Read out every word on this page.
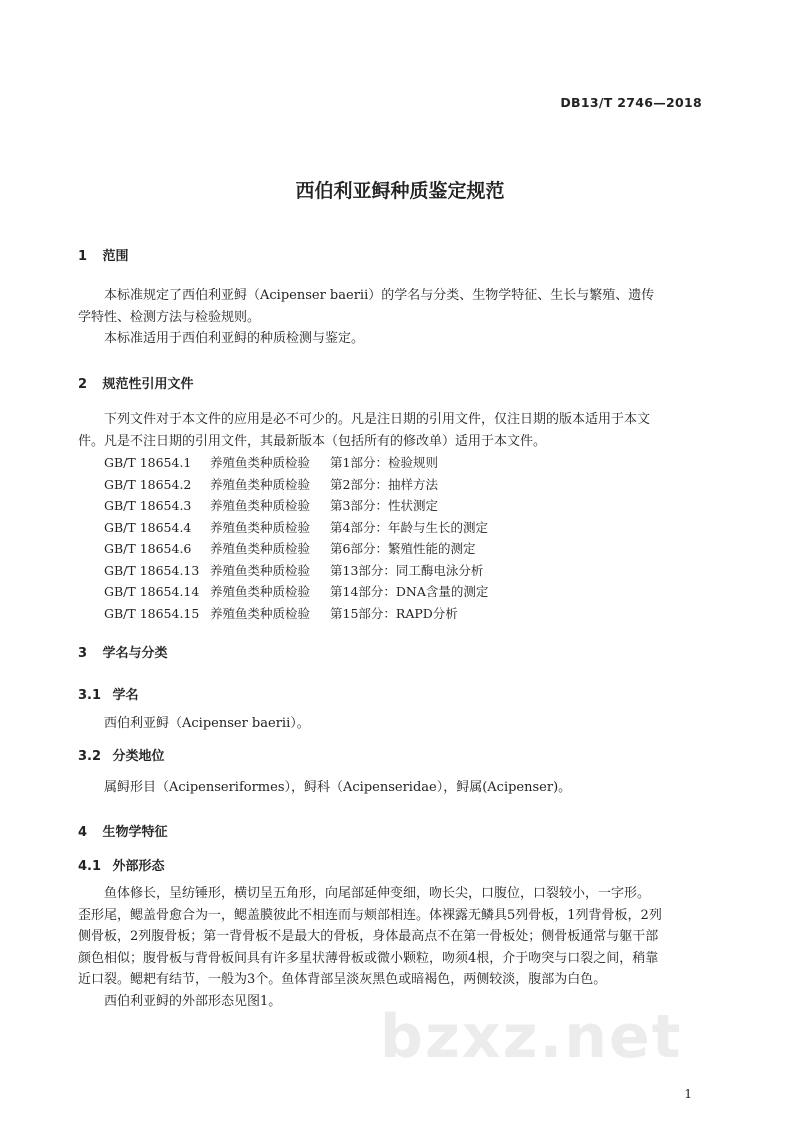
DB13/T 2746—2018
西伯利亚鲟种质鉴定规范
1 范围
本标准规定了西伯利亚鲟（Acipenser baerii）的学名与分类、生物学特征、生长与繁殖、遗传
学特性、检测方法与检验规则。
本标准适用于西伯利亚鲟的种质检测与鉴定。
2 规范性引用文件
下列文件对于本文件的应用是必不可少的。凡是注日期的引用文件，仅注日期的版本适用于本文
件。凡是不注日期的引用文件，其最新版本（包括所有的修改单）适用于本文件。
GB/T 18654.1	养殖鱼类种质检验	第1部分：检验规则
GB/T 18654.2	养殖鱼类种质检验	第2部分：抽样方法
GB/T 18654.3	养殖鱼类种质检验	第3部分：性状测定
GB/T 18654.4	养殖鱼类种质检验	第4部分：年龄与生长的测定
GB/T 18654.6	养殖鱼类种质检验	第6部分：繁殖性能的测定
GB/T 18654.13 养殖鱼类种质检验	第13部分：同工酶电泳分析
GB/T 18654.14 养殖鱼类种质检验	第14部分：DNA含量的测定
GB/T 18654.15 养殖鱼类种质检验	第15部分：RAPD分析
3 学名与分类
3.1 学名
西伯利亚鲟（Acipenser baerii）。
3.2 分类地位
属鲟形目（Acipenseriformes），鲟科（Acipenseridae），鲟属(Acipenser)。
4 生物学特征
4.1 外部形态
鱼体修长，呈纺锤形，横切呈五角形，向尾部延伸变细，吻长尖，口腹位，口裂较小，一字形。
歪形尾，鳃盖骨愈合为一，鳃盖膜彼此不相连而与颊部相连。体裸露无鳞具5列骨板，1列背骨板，2列
侧骨板，2列腹骨板；第一背骨板不是最大的骨板，身体最高点不在第一骨板处；侧骨板通常与躯干部
颜色相似；腹骨板与背骨板间具有许多星状薄骨板或微小颗粒，吻须4根，介于吻突与口裂之间，稍靠
近口裂。鳃耙有结节，一般为3个。鱼体背部呈淡灰黑色或暗褐色，两侧较淡，腹部为白色。
西伯利亚鲟的外部形态见图1。
bzxz.net
1
